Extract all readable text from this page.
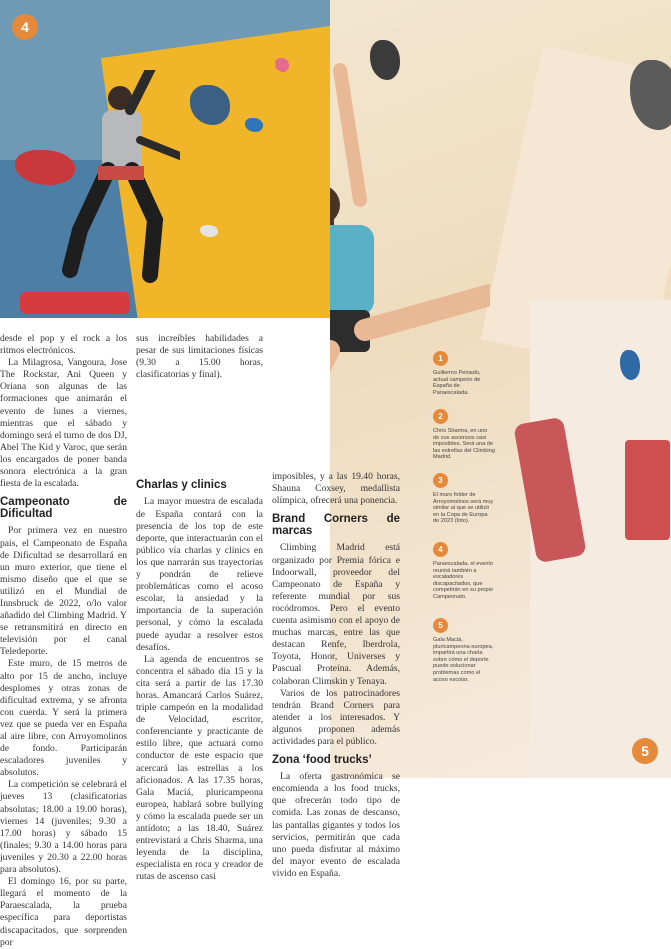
4
5

desde el pop y el rock a los ritmos electrónicos.

La Milagrosa, Vangoura, Jose The Rockstar, Ani Queen y Oriana son algunas de las formaciones que animarán el evento de lunes a viernes, mientras que el sábado y domingo será el turno de dos DJ, Abel The Kid y Varoc, que serán los encargados de poner banda sonora electrónica a la gran fiesta de la escalada.

Campeonato de Dificultad

Por primera vez en nuestro país, el Campeonato de España de Dificultad se desarrollará en un muro exterior, que tiene el mismo diseño que el que se utilizó en el Mundial de Innsbruck de 2022, o/lo valor añadido del Climbing Madrid. Y se retransmitirá en directo en televisión por el canal Teledeporte.

Este muro, de 15 metros de alto por 15 de ancho, incluye desplomes y otras zonas de dificultad extrema, y se afronta con cuerda. Y será la primera vez que se pueda ver en España al aire libre, con Arroyomolinos de fondo. Participarán escaladores juveniles y absolutos.

La competición se celebrará el jueves 13 (clasificatorias absolutas; 18.00 a 19.00 horas), viernes 14 (juveniles; 9.30 a 17.00 horas) y sábado 15 (finales; 9.30 a 14.00 horas para juveniles y 20.30 a 22.00 horas para absolutos).

El domingo 16, por su parte, llegará el momento de la Paraescalada, la prueba específica para deportistas discapacitados, que sorprenden por

sus increíbles habilidades a pesar de sus limitaciones físicas (9.30 a 15.00 horas, clasificatorias y final).

Charlas y clinics

La mayor muestra de escalada de España contará con la presencia de los top de este deporte, que interactuarán con el público vía charlas y clínics en los que narrarán sus trayectorias y pondrán de relieve problemáticas como el acoso escolar, la ansiedad y la importancia de la superación personal, y cómo la escalada puede ayudar a resolver estos desafíos.

La agenda de encuentros se concentra el sábado día 15 y la cita será a partir de las 17.30 horas. Amancará Carlos Suárez, triple campeón en la modalidad de Velocidad, escritor, conferenciante y practicante de estilo libre, que actuará como conductor de este espacio que acercará las estrellas a los aficionados. A las 17.35 horas, Gala Maciá, pluricampeona europea, hablará sobre bullying y cómo la escalada puede ser un antídoto; a las 18.40, Suárez entrevistará a Chris Sharma, una leyenda de la disciplina, especialista en roca y creador de rutas de ascenso casi

imposibles, y a las 19.40 horas, Shauna Coxsey, medallista olímpica, ofrecerá una ponencia.

Brand Corners de marcas

Climbing Madrid está organizado por Premia fórica e Indoorwall, proveedor del Campeonato de España y referente mundial por sus rocódromos. Pero el evento cuenta asimismo con el apoyo de muchas marcas, entre las que destacan Renfe, Iberdrola, Toyota, Honor, Universes y Pascual Proteína. Además, colaboran Climskin y Tenaya.

Varios de los patrocinadores tendrán Brand Corners para atender a los interesados. Y algunos proponen además actividades para el público.

Zona ‘food trucks’

La oferta gastronómica se encomienda a los food trucks, que ofrecerán todo tipo de comida. Las zonas de descanso, las pantallas gigantes y todos los servicios, permitirán que cada uno pueda disfrutar al máximo del mayor evento de escalada vivido en España.

1
Guillermo Peinado, actual campeón de España de Paraescalada.
2
Chris Sharma, en uno de sus ascensos casi imposibles. Será una de las estrellas del Climbing Madrid.
3
El muro folder de Arroyomolinos será muy similar al que se utilizó en la Copa de Europa de 2023 (foto).
4
Paraescalada, el evento reunirá también a escaladores discapacitados, que competirán en su propio Campeonato.
5
Gala Maciá, pluricampeona europea, impartirá una charla sobre cómo el deporte puede solucionar problemas como el acoso escolar.
